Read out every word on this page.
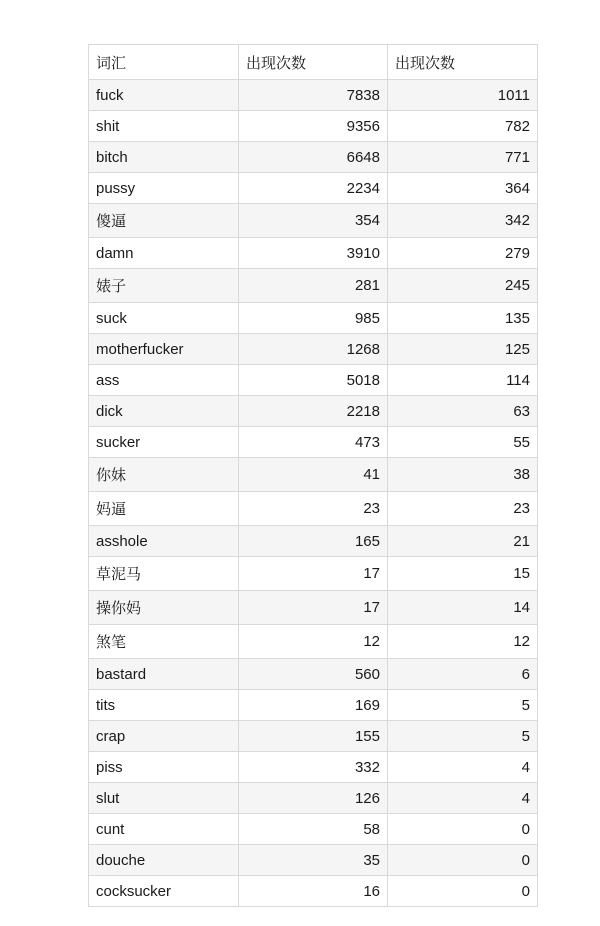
词汇	出现次数	出现次数
fuck	7838	1011
shit	9356	782
bitch	6648	771
pussy	2234	364
傻逼	354	342
damn	3910	279
婊子	281	245
suck	985	135
motherfucker	1268	125
ass	5018	114
dick	2218	63
sucker	473	55
你妹	41	38
妈逼	23	23
asshole	165	21
草泥马	17	15
操你妈	17	14
煞笔	12	12
bastard	560	6
tits	169	5
crap	155	5
piss	332	4
slut	126	4
cunt	58	0
douche	35	0
cocksucker	16	0
